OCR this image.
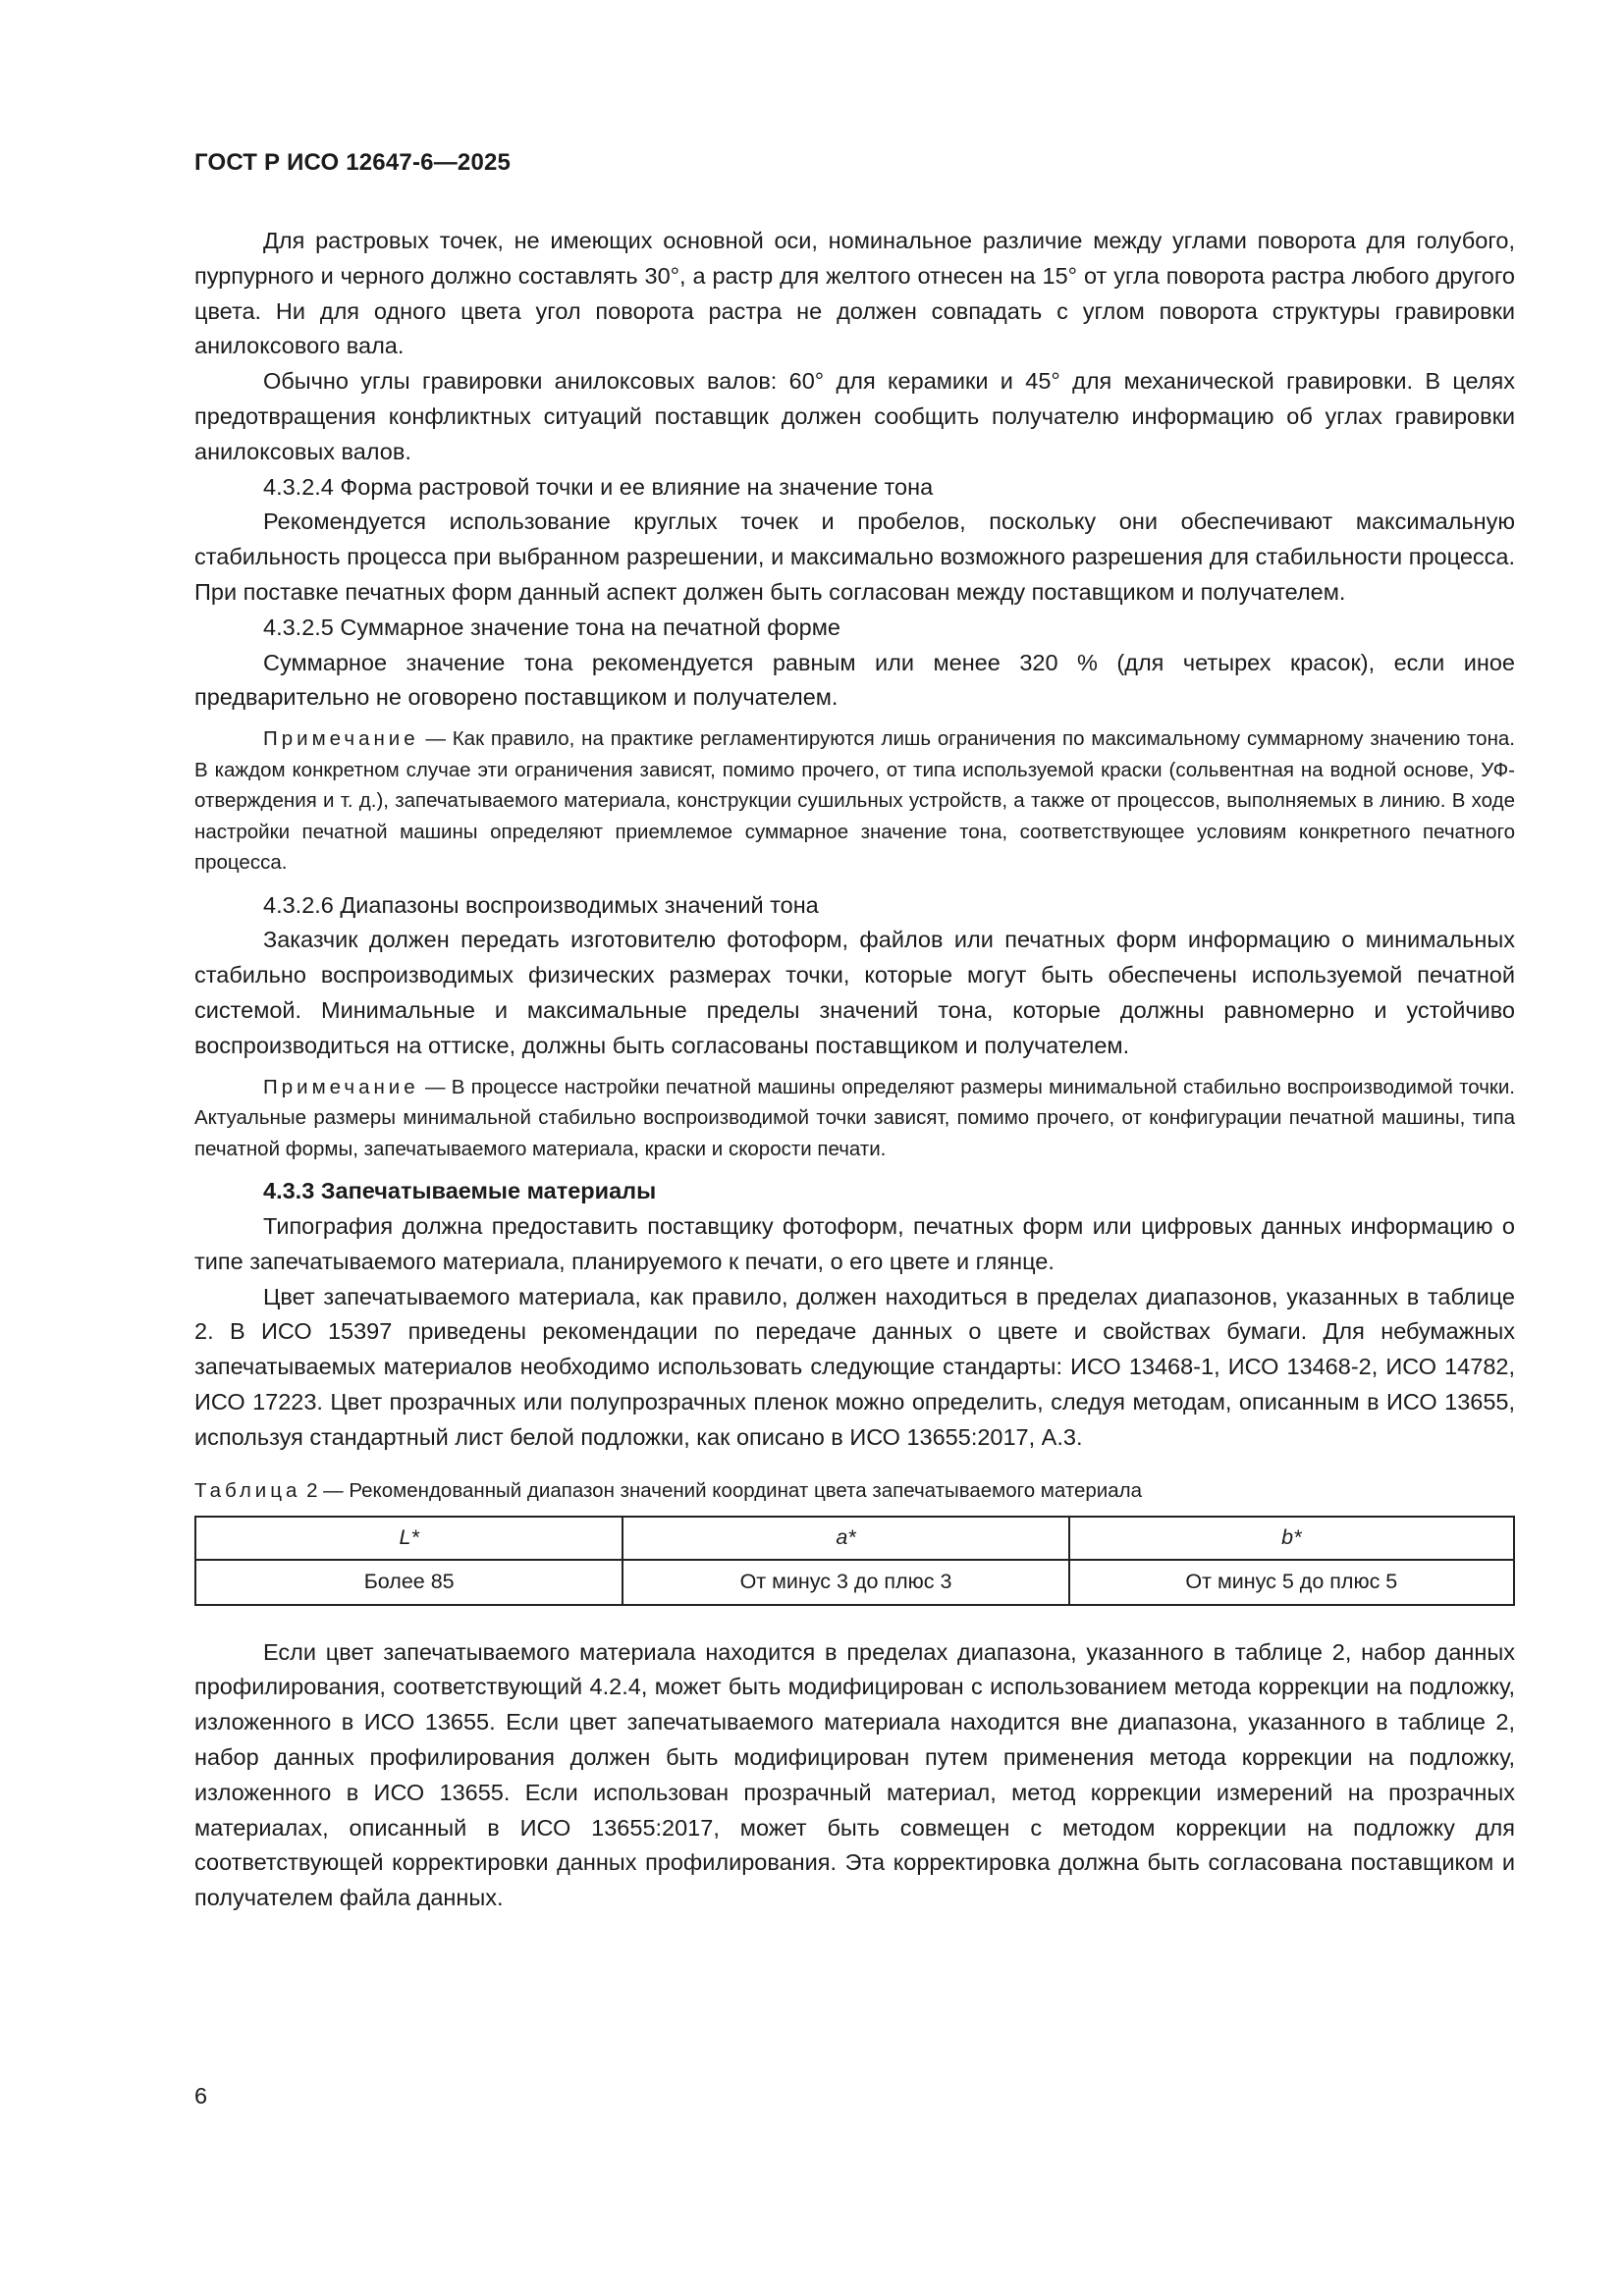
ГОСТ Р ИСО 12647-6—2025

Для растровых точек, не имеющих основной оси, номинальное различие между углами поворота для голубого, пурпурного и черного должно составлять 30°, а растр для желтого отнесен на 15° от угла поворота растра любого другого цвета. Ни для одного цвета угол поворота растра не должен совпадать с углом поворота структуры гравировки анилоксового вала.

Обычно углы гравировки анилоксовых валов: 60° для керамики и 45° для механической гравировки. В целях предотвращения конфликтных ситуаций поставщик должен сообщить получателю информацию об углах гравировки анилоксовых валов.

4.3.2.4 Форма растровой точки и ее влияние на значение тона

Рекомендуется использование круглых точек и пробелов, поскольку они обеспечивают максимальную стабильность процесса при выбранном разрешении, и максимально возможного разрешения для стабильности процесса. При поставке печатных форм данный аспект должен быть согласован между поставщиком и получателем.

4.3.2.5 Суммарное значение тона на печатной форме

Суммарное значение тона рекомендуется равным или менее 320 % (для четырех красок), если иное предварительно не оговорено поставщиком и получателем.

Примечание — Как правило, на практике регламентируются лишь ограничения по максимальному суммарному значению тона. В каждом конкретном случае эти ограничения зависят, помимо прочего, от типа используемой краски (сольвентная на водной основе, УФ-отверждения и т. д.), запечатываемого материала, конструкции сушильных устройств, а также от процессов, выполняемых в линию. В ходе настройки печатной машины определяют приемлемое суммарное значение тона, соответствующее условиям конкретного печатного процесса.

4.3.2.6 Диапазоны воспроизводимых значений тона

Заказчик должен передать изготовителю фотоформ, файлов или печатных форм информацию о минимальных стабильно воспроизводимых физических размерах точки, которые могут быть обеспечены используемой печатной системой. Минимальные и максимальные пределы значений тона, которые должны равномерно и устойчиво воспроизводиться на оттиске, должны быть согласованы поставщиком и получателем.

Примечание — В процессе настройки печатной машины определяют размеры минимальной стабильно воспроизводимой точки. Актуальные размеры минимальной стабильно воспроизводимой точки зависят, помимо прочего, от конфигурации печатной машины, типа печатной формы, запечатываемого материала, краски и скорости печати.

4.3.3 Запечатываемые материалы

Типография должна предоставить поставщику фотоформ, печатных форм или цифровых данных информацию о типе запечатываемого материала, планируемого к печати, о его цвете и глянце.

Цвет запечатываемого материала, как правило, должен находиться в пределах диапазонов, указанных в таблице 2. В ИСО 15397 приведены рекомендации по передаче данных о цвете и свойствах бумаги. Для небумажных запечатываемых материалов необходимо использовать следующие стандарты: ИСО 13468-1, ИСО 13468-2, ИСО 14782, ИСО 17223. Цвет прозрачных или полупрозрачных пленок можно определить, следуя методам, описанным в ИСО 13655, используя стандартный лист белой подложки, как описано в ИСО 13655:2017, А.3.

Таблица 2 — Рекомендованный диапазон значений координат цвета запечатываемого материала
L*	a*	b*
Более 85	От минус 3 до плюс 3	От минус 5 до плюс 5

Если цвет запечатываемого материала находится в пределах диапазона, указанного в таблице 2, набор данных профилирования, соответствующий 4.2.4, может быть модифицирован с использованием метода коррекции на подложку, изложенного в ИСО 13655. Если цвет запечатываемого материала находится вне диапазона, указанного в таблице 2, набор данных профилирования должен быть модифицирован путем применения метода коррекции на подложку, изложенного в ИСО 13655. Если использован прозрачный материал, метод коррекции измерений на прозрачных материалах, описанный в ИСО 13655:2017, может быть совмещен с методом коррекции на подложку для соответствующей корректировки данных профилирования. Эта корректировка должна быть согласована поставщиком и получателем файла данных.

6
